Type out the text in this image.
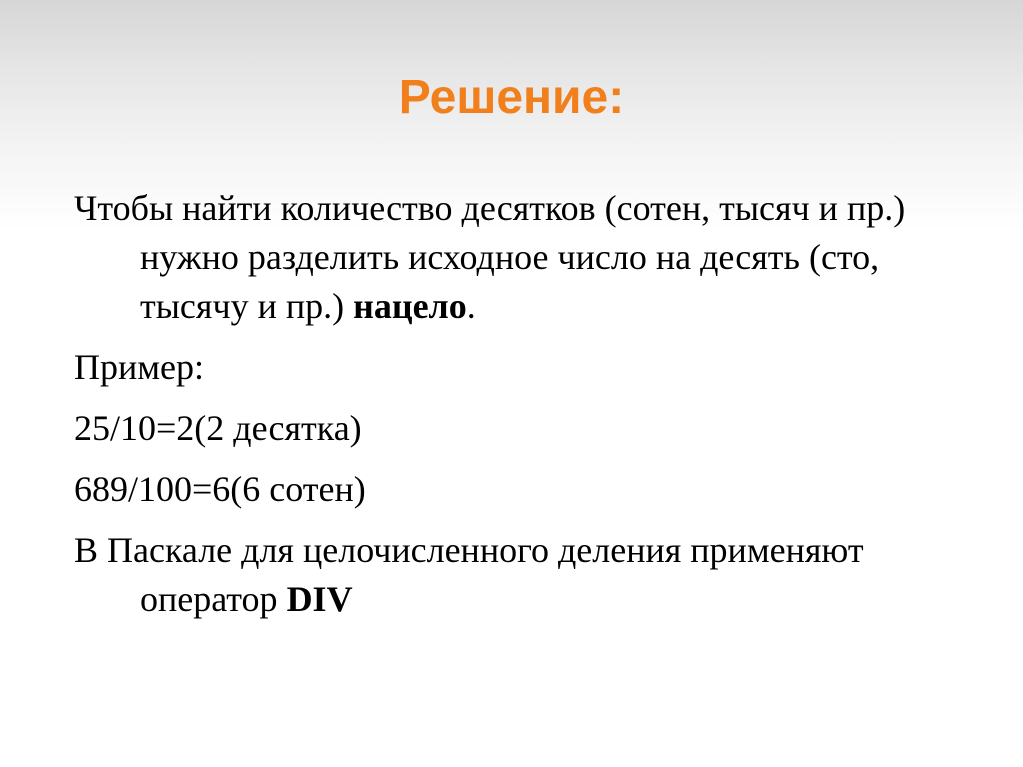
Решение:

Чтобы найти количество десятков (сотен, тысяч и пр.) нужно разделить исходное число на десять (сто, тысячу и пр.) нацело.

Пример:

25/10=2(2 десятка)

689/100=6(6 сотен)

В Паскале для целочисленного деления применяют оператор DIV
